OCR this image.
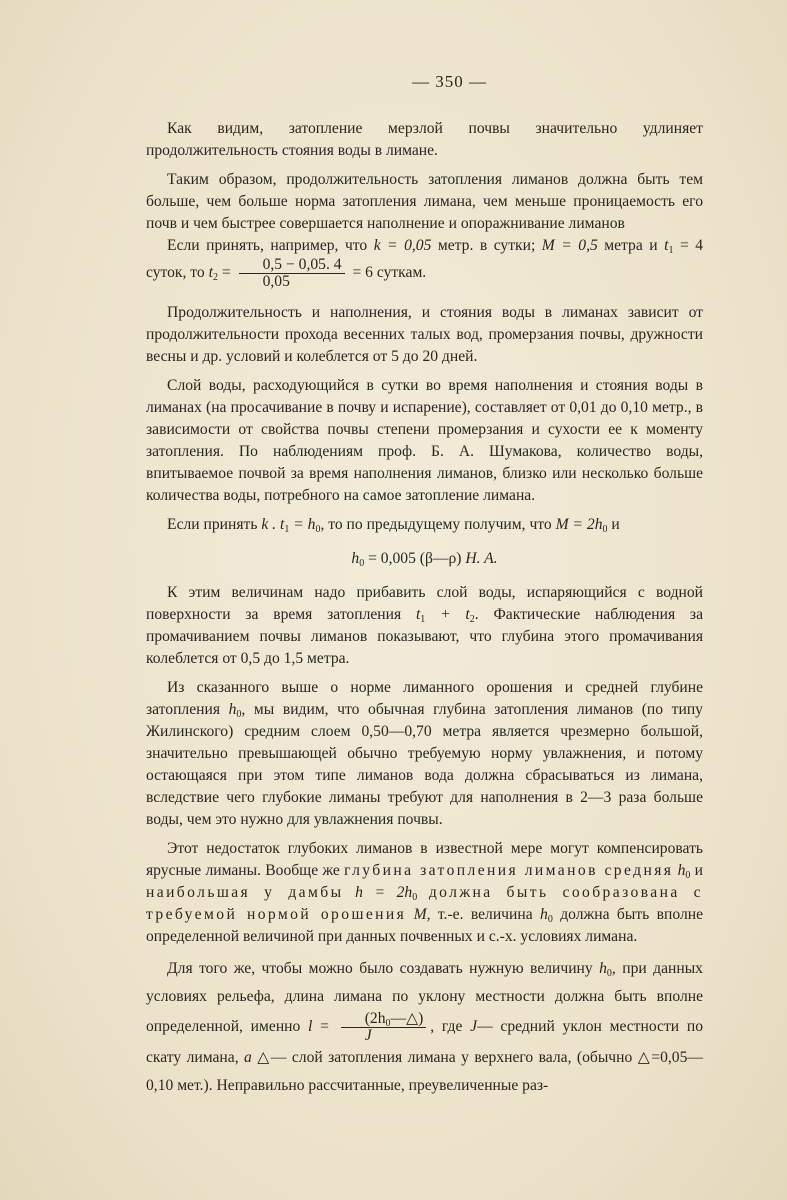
— 350 —

Как видим, затопление мерзлой почвы значительно удлиняет продолжительность стояния воды в лимане.

Таким образом, продолжительность затопления лиманов должна быть тем больше, чем больше норма затопления лимана, чем меньше проницаемость его почв и чем быстрее совершается наполнение и опоражнивание лиманов

Если принять, например, что k = 0,05 метр. в сутки; M = 0,5 метра и $t_1 = 4$ суток, то $t_2 = \frac{0,5 - 0,05. 4}{0,05} = 6$ суткам.

Продолжительность и наполнения, и стояния воды в лиманах зависит от продолжительности прохода весенних талых вод, промерзания почвы, дружности весны и др. условий и колеблется от 5 до 20 дней.

Слой воды, расходующийся в сутки во время наполнения и стояния воды в лиманах (на просачивание в почву и испарение), составляет от 0,01 до 0,10 метр., в зависимости от свойства почвы степени промерзания и сухости ее к моменту затопления. По наблюдениям проф. Б. А. Шумакова, количество воды, впитываемое почвой за время наполнения лиманов, близко или несколько больше количества воды, потребного на самое затопление лимана.

Если принять k . $t_1 = h_0$, то по предыдущему получим, что $M = 2h_0$ и

$h_0 = 0,005$ (β—ρ) H. A.

К этим величинам надо прибавить слой воды, испаряющийся с водной поверхности за время затопления $t_1 + t_2$. Фактические наблюдения за промачиванием почвы лиманов показывают, что глубина этого промачивания колеблется от 0,5 до 1,5 метра.

Из сказанного выше о норме лиманного орошения и средней глубине затопления $h_0$, мы видим, что обычная глубина затопления лиманов (по типу Жилинского) средним слоем 0,50—0,70 метра является чрезмерно большой, значительно превышающей обычно требуемую норму увлажнения, и потому остающаяся при этом типе лиманов вода должна сбрасываться из лимана, вследствие чего глубокие лиманы требуют для наполнения в 2—3 раза больше воды, чем это нужно для увлажнения почвы.

Этот недостаток глубоких лиманов в известной мере могут компенсировать ярусные лиманы. Вообще же глубина затопления лиманов средняя $h_0$ и наибольшая у дамбы $h = 2h_0$ должна быть сообразована с требуемой нормой орошения M, т.-е. величина $h_0$ должна быть вполне определенной величиной при данных почвенных и с.-х. условиях лимана.

Для того же, чтобы можно было создавать нужную величину $h_0$, при данных условиях рельефа, длина лимана по уклону местности должна быть вполне определенной, именно $l = \frac{(2h_0—\triangle)}{J}$ , где J— средний уклон местности по скату лимана, а △— слой затопления лимана у верхнего вала, (обычно △=0,05—0,10 мет.). Неправильно рассчитанные, преувеличенные раз-
